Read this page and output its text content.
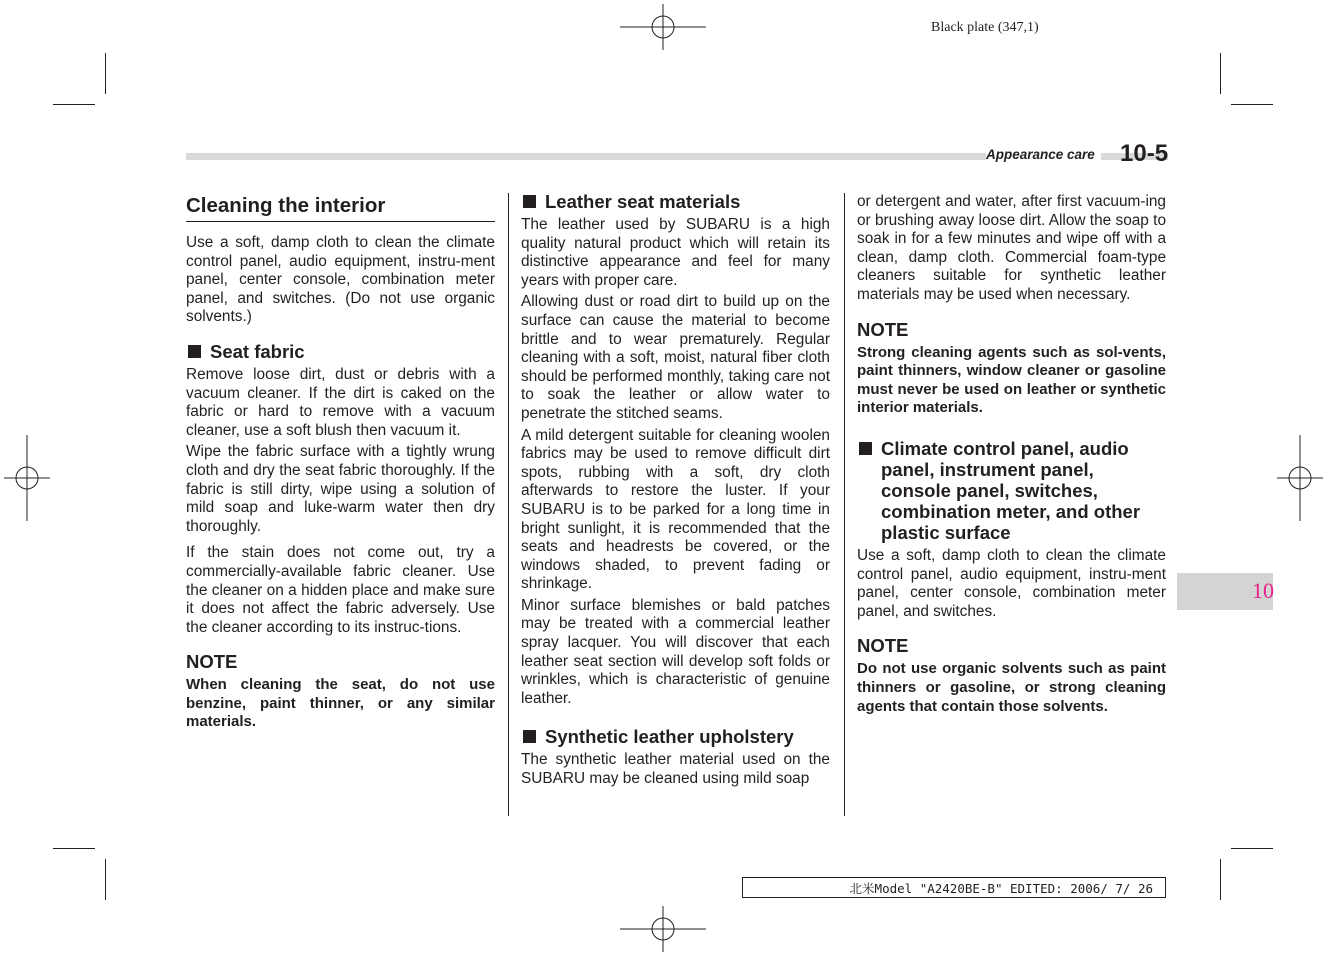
Black plate (347,1)
Appearance care 10-5
Cleaning the interior

Use a soft, damp cloth to clean the climate control panel, audio equipment, instru-ment panel, center console, combination meter panel, and switches. (Do not use organic solvents.)

Seat fabric

Remove loose dirt, dust or debris with a vacuum cleaner. If the dirt is caked on the fabric or hard to remove with a vacuum cleaner, use a soft blush then vacuum it.

Wipe the fabric surface with a tightly wrung cloth and dry the seat fabric thoroughly. If the fabric is still dirty, wipe using a solution of mild soap and luke-warm water then dry thoroughly.

If the stain does not come out, try a commercially-available fabric cleaner. Use the cleaner on a hidden place and make sure it does not affect the fabric adversely. Use the cleaner according to its instruc-tions.

NOTE

When cleaning the seat, do not use benzine, paint thinner, or any similar materials.

Leather seat materials

The leather used by SUBARU is a high quality natural product which will retain its distinctive appearance and feel for many years with proper care.

Allowing dust or road dirt to build up on the surface can cause the material to become brittle and to wear prematurely. Regular cleaning with a soft, moist, natural fiber cloth should be performed monthly, taking care not to soak the leather or allow water to penetrate the stitched seams.

A mild detergent suitable for cleaning woolen fabrics may be used to remove difficult dirt spots, rubbing with a soft, dry cloth afterwards to restore the luster. If your SUBARU is to be parked for a long time in bright sunlight, it is recommended that the seats and headrests be covered, or the windows shaded, to prevent fading or shrinkage.

Minor surface blemishes or bald patches may be treated with a commercial leather spray lacquer. You will discover that each leather seat section will develop soft folds or wrinkles, which is characteristic of genuine leather.

Synthetic leather upholstery

The synthetic leather material used on the SUBARU may be cleaned using mild soap

or detergent and water, after first vacuum-ing or brushing away loose dirt. Allow the soap to soak in for a few minutes and wipe off with a clean, damp cloth. Commercial foam-type cleaners suitable for synthetic leather materials may be used when necessary.

NOTE

Strong cleaning agents such as sol-vents, paint thinners, window cleaner or gasoline must never be used on leather or synthetic interior materials.

Climate control panel, audio panel, instrument panel, console panel, switches, combination meter, and other plastic surface

Use a soft, damp cloth to clean the climate control panel, audio equipment, instru-ment panel, center console, combination meter panel, and switches.

NOTE

Do not use organic solvents such as paint thinners or gasoline, or strong cleaning agents that contain those solvents.

10
北米Model "A2420BE-B" EDITED: 2006/ 7/ 26
